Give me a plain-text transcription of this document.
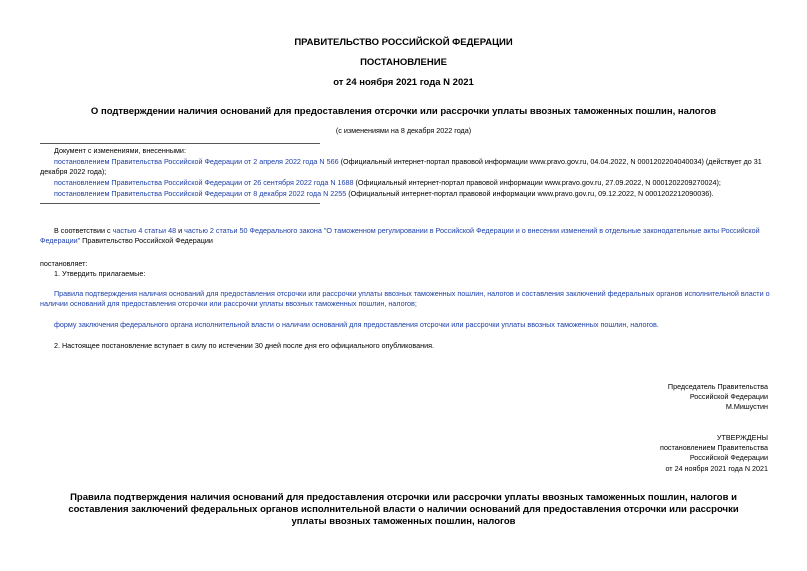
ПРАВИТЕЛЬСТВО РОССИЙСКОЙ ФЕДЕРАЦИИ
ПОСТАНОВЛЕНИЕ
от 24 ноября 2021 года N 2021
О подтверждении наличия оснований для предоставления отсрочки или рассрочки уплаты ввозных таможенных пошлин, налогов
(с изменениями на 8 декабря 2022 года)
Документ с изменениями, внесенными:
постановлением Правительства Российской Федерации от 2 апреля 2022 года N 566 (Официальный интернет-портал правовой информации www.pravo.gov.ru, 04.04.2022, N 0001202204040034) (действует до 31
декабря 2022 года);
постановлением Правительства Российской Федерации от 26 сентября 2022 года N 1688 (Официальный интернет-портал правовой информации www.pravo.gov.ru, 27.09.2022, N 0001202209270024);
постановлением Правительства Российской Федерации от 8 декабря 2022 года N 2255 (Официальный интернет-портал правовой информации www.pravo.gov.ru, 09.12.2022, N 0001202212090036).
В соответствии с частью 4 статьи 48 и частью 2 статьи 50 Федерального закона "О таможенном регулировании в Российской Федерации и о внесении изменений в отдельные законодательные акты Российской
Федерации" Правительство Российской Федерации
постановляет:
1. Утвердить прилагаемые:
Правила подтверждения наличия оснований для предоставления отсрочки или рассрочки уплаты ввозных таможенных пошлин, налогов и составления заключений федеральных органов исполнительной власти о
наличии оснований для предоставления отсрочки или рассрочки уплаты ввозных таможенных пошлин, налогов;
форму заключения федерального органа исполнительной власти о наличии оснований для предоставления отсрочки или рассрочки уплаты ввозных таможенных пошлин, налогов.
2. Настоящее постановление вступает в силу по истечении 30 дней после дня его официального опубликования.
Председатель Правительства
Российской Федерации
М.Мишустин
УТВЕРЖДЕНЫ
постановлением Правительства
Российской Федерации
от 24 ноября 2021 года N 2021
Правила подтверждения наличия оснований для предоставления отсрочки или рассрочки уплаты ввозных таможенных пошлин, налогов и составления заключений федеральных органов исполнительной власти о наличии оснований для предоставления отсрочки или рассрочки уплаты ввозных таможенных пошлин, налогов
